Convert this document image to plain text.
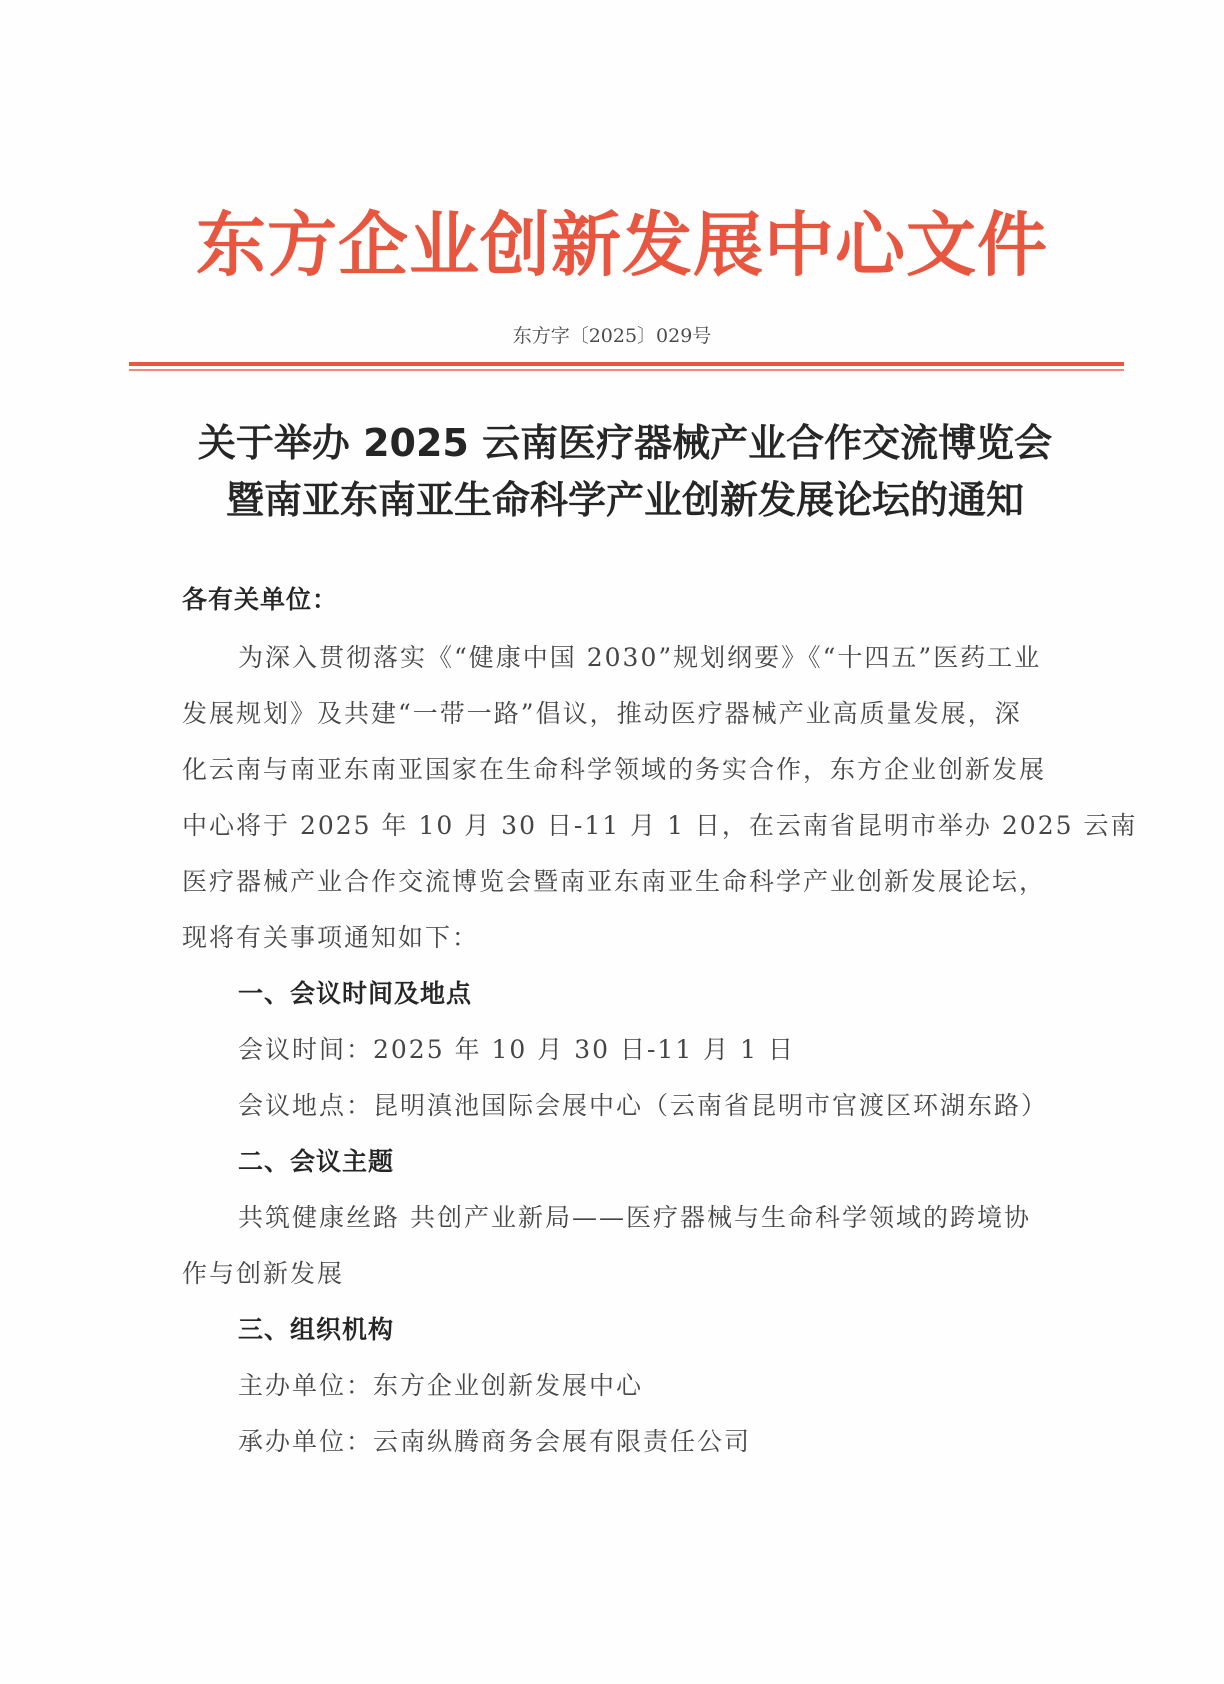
东方企业创新发展中心文件
东方字〔2025〕029号
关于举办 2025 云南医疗器械产业合作交流博览会
暨南亚东南亚生命科学产业创新发展论坛的通知
各有关单位：
为深入贯彻落实《“健康中国 2030”规划纲要》《“十四五”医药工业
发展规划》及共建“一带一路”倡议，推动医疗器械产业高质量发展，深
化云南与南亚东南亚国家在生命科学领域的务实合作，东方企业创新发展
中心将于 2025 年 10 月 30 日-11 月 1 日，在云南省昆明市举办 2025 云南
医疗器械产业合作交流博览会暨南亚东南亚生命科学产业创新发展论坛，
现将有关事项通知如下：
一、会议时间及地点
会议时间：2025 年 10 月 30 日-11 月 1 日
会议地点：昆明滇池国际会展中心（云南省昆明市官渡区环湖东路）
二、会议主题
共筑健康丝路 共创产业新局——医疗器械与生命科学领域的跨境协
作与创新发展
三、组织机构
主办单位：东方企业创新发展中心
承办单位：云南纵腾商务会展有限责任公司
